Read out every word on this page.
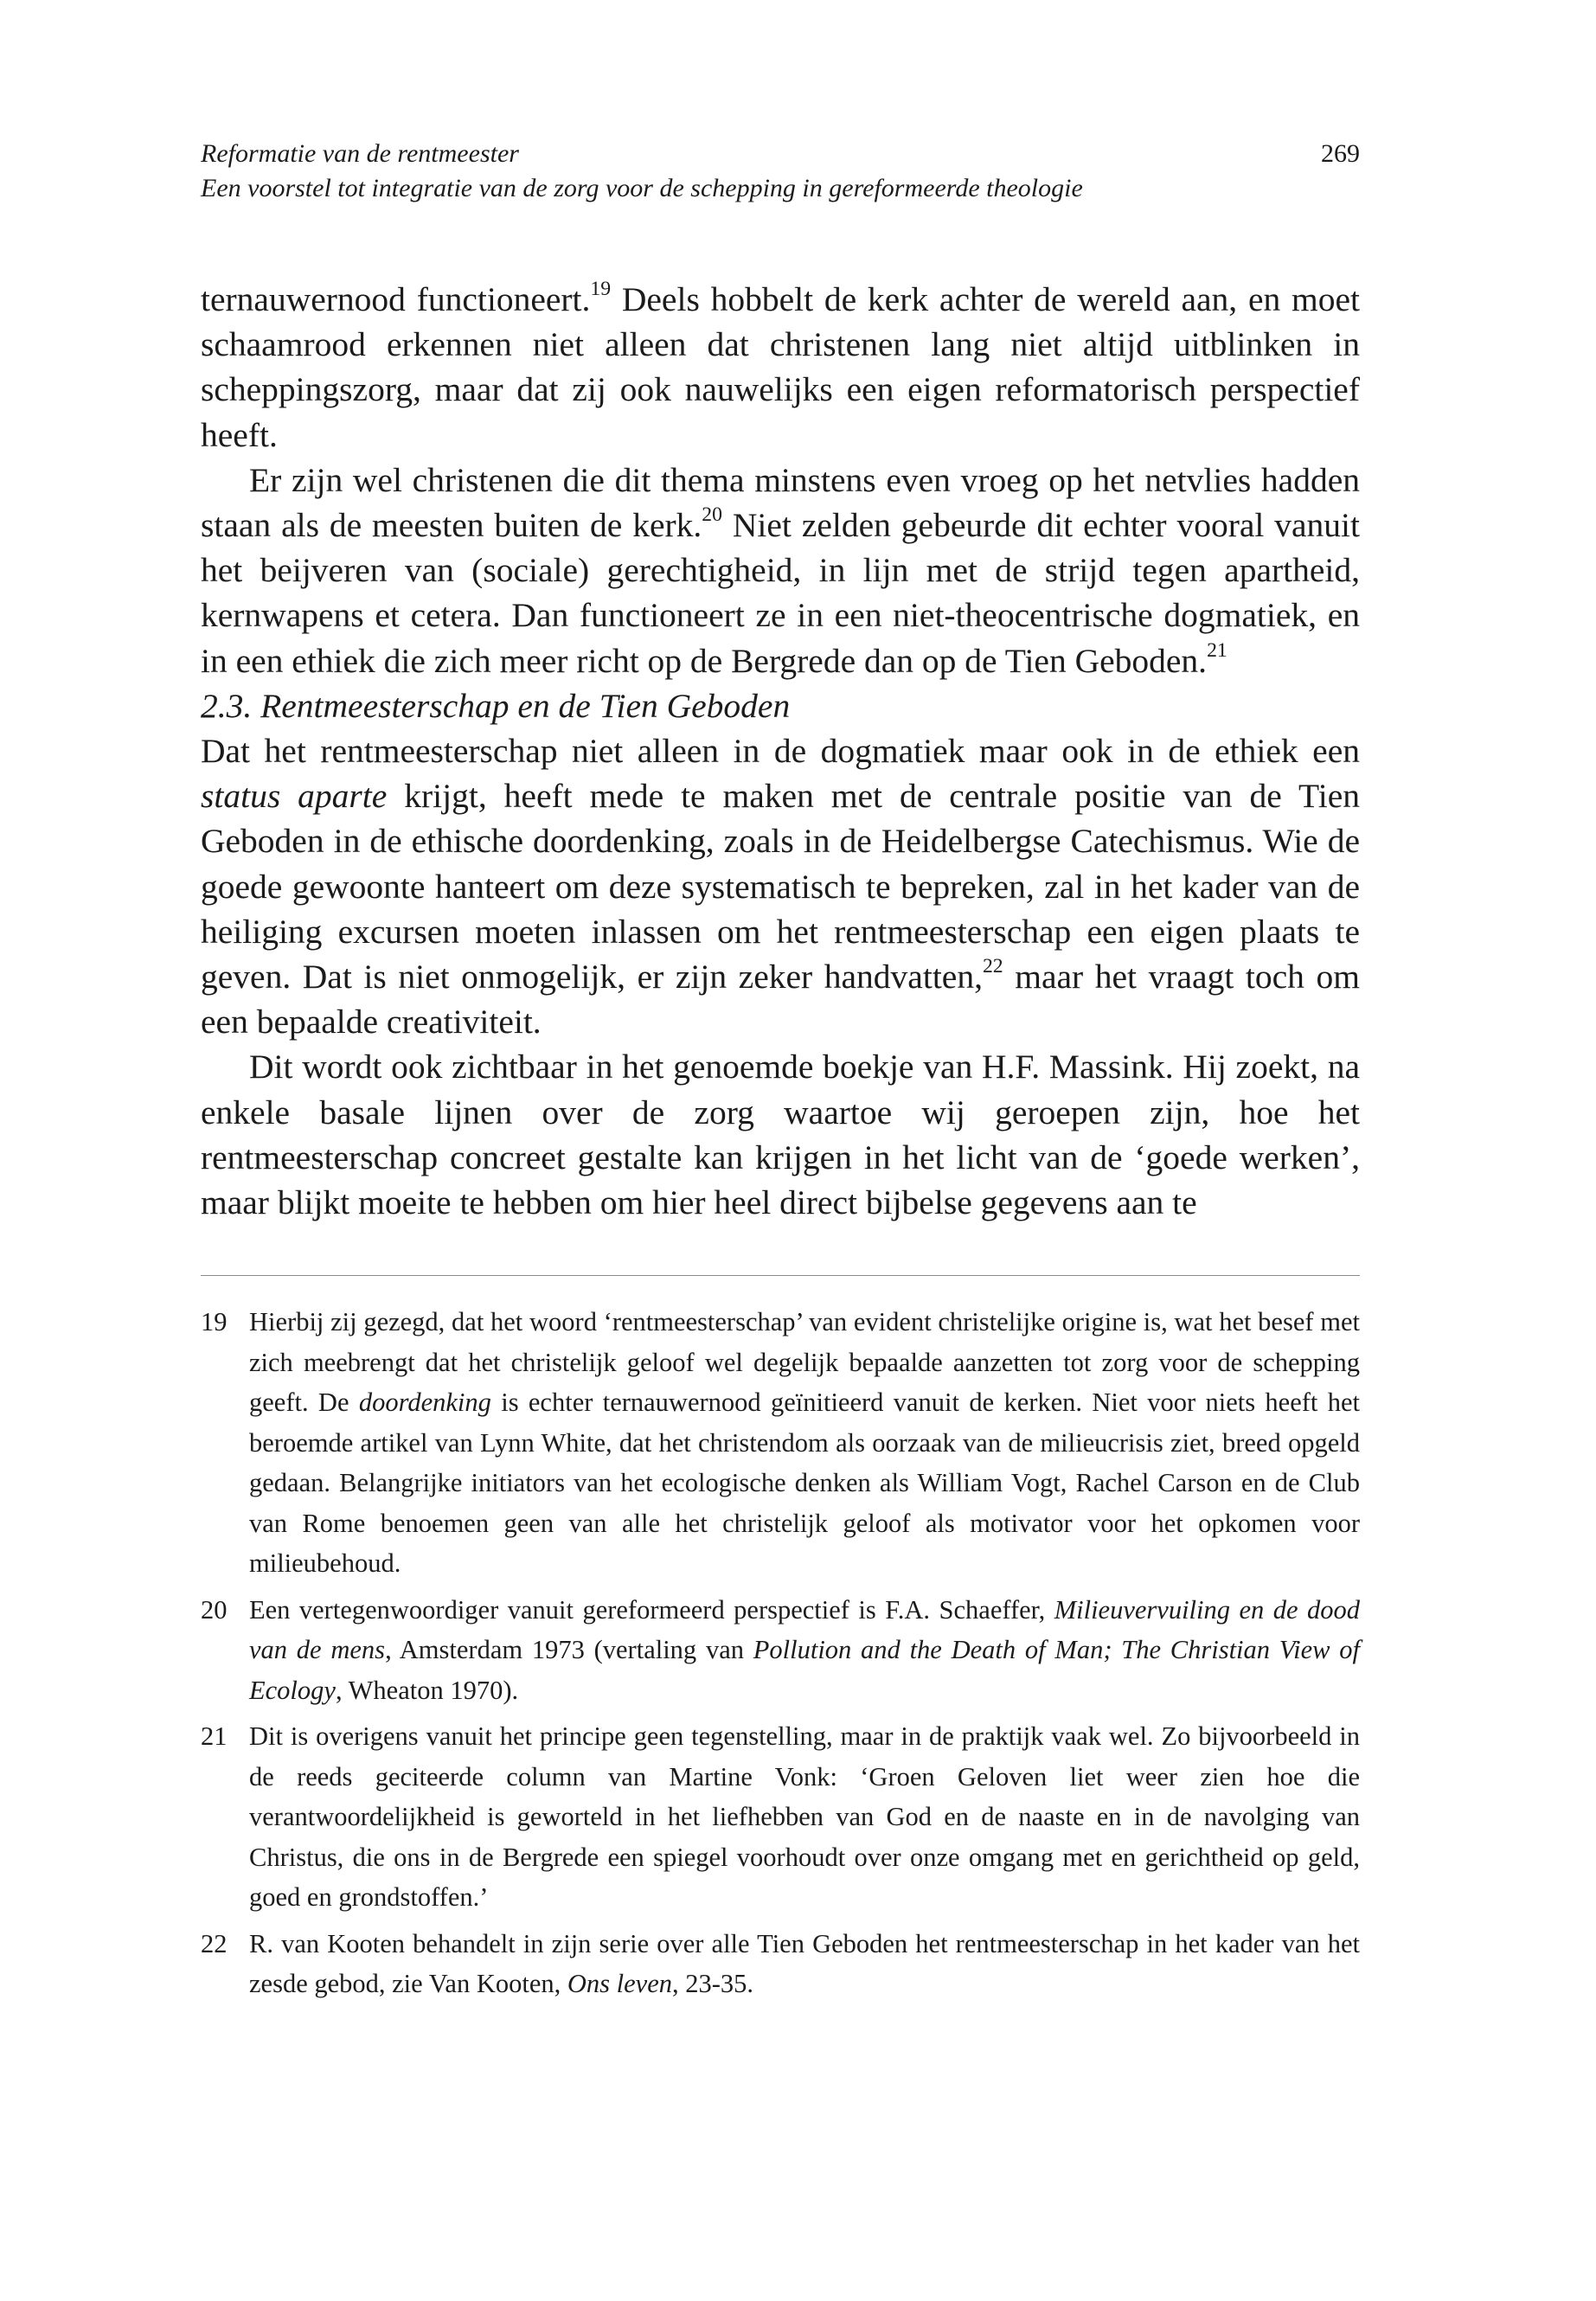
Reformatie van de rentmeester
Een voorstel tot integratie van de zorg voor de schepping in gereformeerde theologie
269

ternauwernood functioneert.$^{19}$ Deels hobbelt de kerk achter de wereld aan, en moet schaamrood erkennen niet alleen dat christenen lang niet altijd uitblinken in scheppingszorg, maar dat zij ook nauwelijks een eigen reformatorisch perspectief heeft.

Er zijn wel christenen die dit thema minstens even vroeg op het netvlies hadden staan als de meesten buiten de kerk.$^{20}$ Niet zelden gebeurde dit echter vooral vanuit het beijveren van (sociale) gerechtigheid, in lijn met de strijd tegen apartheid, kernwapens et cetera. Dan functioneert ze in een niet-theocentrische dogmatiek, en in een ethiek die zich meer richt op de Bergrede dan op de Tien Geboden.$^{21}$

2.3. Rentmeesterschap en de Tien Geboden

Dat het rentmeesterschap niet alleen in de dogmatiek maar ook in de ethiek een status aparte krijgt, heeft mede te maken met de centrale positie van de Tien Geboden in de ethische doordenking, zoals in de Heidelbergse Catechismus. Wie de goede gewoonte hanteert om deze systematisch te bepreken, zal in het kader van de heiliging excursen moeten inlassen om het rentmeesterschap een eigen plaats te geven. Dat is niet onmogelijk, er zijn zeker handvatten,$^{22}$ maar het vraagt toch om een bepaalde creativiteit.

Dit wordt ook zichtbaar in het genoemde boekje van H.F. Massink. Hij zoekt, na enkele basale lijnen over de zorg waartoe wij geroepen zijn, hoe het rentmeesterschap concreet gestalte kan krijgen in het licht van de ‘goede werken’, maar blijkt moeite te hebben om hier heel direct bijbelse gegevens aan te

19 Hierbij zij gezegd, dat het woord ‘rentmeesterschap’ van evident christelijke origine is, wat het besef met zich meebrengt dat het christelijk geloof wel degelijk bepaalde aanzetten tot zorg voor de schepping geeft. De doordenking is echter ternauwernood geïnitieerd vanuit de kerken. Niet voor niets heeft het beroemde artikel van Lynn White, dat het christendom als oorzaak van de milieucrisis ziet, breed opgeld gedaan. Belangrijke initiators van het ecologische denken als William Vogt, Rachel Carson en de Club van Rome benoemen geen van alle het christelijk geloof als motivator voor het opkomen voor milieubehoud.
20 Een vertegenwoordiger vanuit gereformeerd perspectief is F.A. Schaeffer, Milieuvervuiling en de dood van de mens, Amsterdam 1973 (vertaling van Pollution and the Death of Man; The Christian View of Ecology, Wheaton 1970).
21 Dit is overigens vanuit het principe geen tegenstelling, maar in de praktijk vaak wel. Zo bijvoorbeeld in de reeds geciteerde column van Martine Vonk: ‘Groen Geloven liet weer zien hoe die verantwoordelijkheid is geworteld in het liefhebben van God en de naaste en in de navolging van Christus, die ons in de Bergrede een spiegel voorhoudt over onze omgang met en gerichtheid op geld, goed en grondstoffen.’
22 R. van Kooten behandelt in zijn serie over alle Tien Geboden het rentmeesterschap in het kader van het zesde gebod, zie Van Kooten, Ons leven, 23-35.
